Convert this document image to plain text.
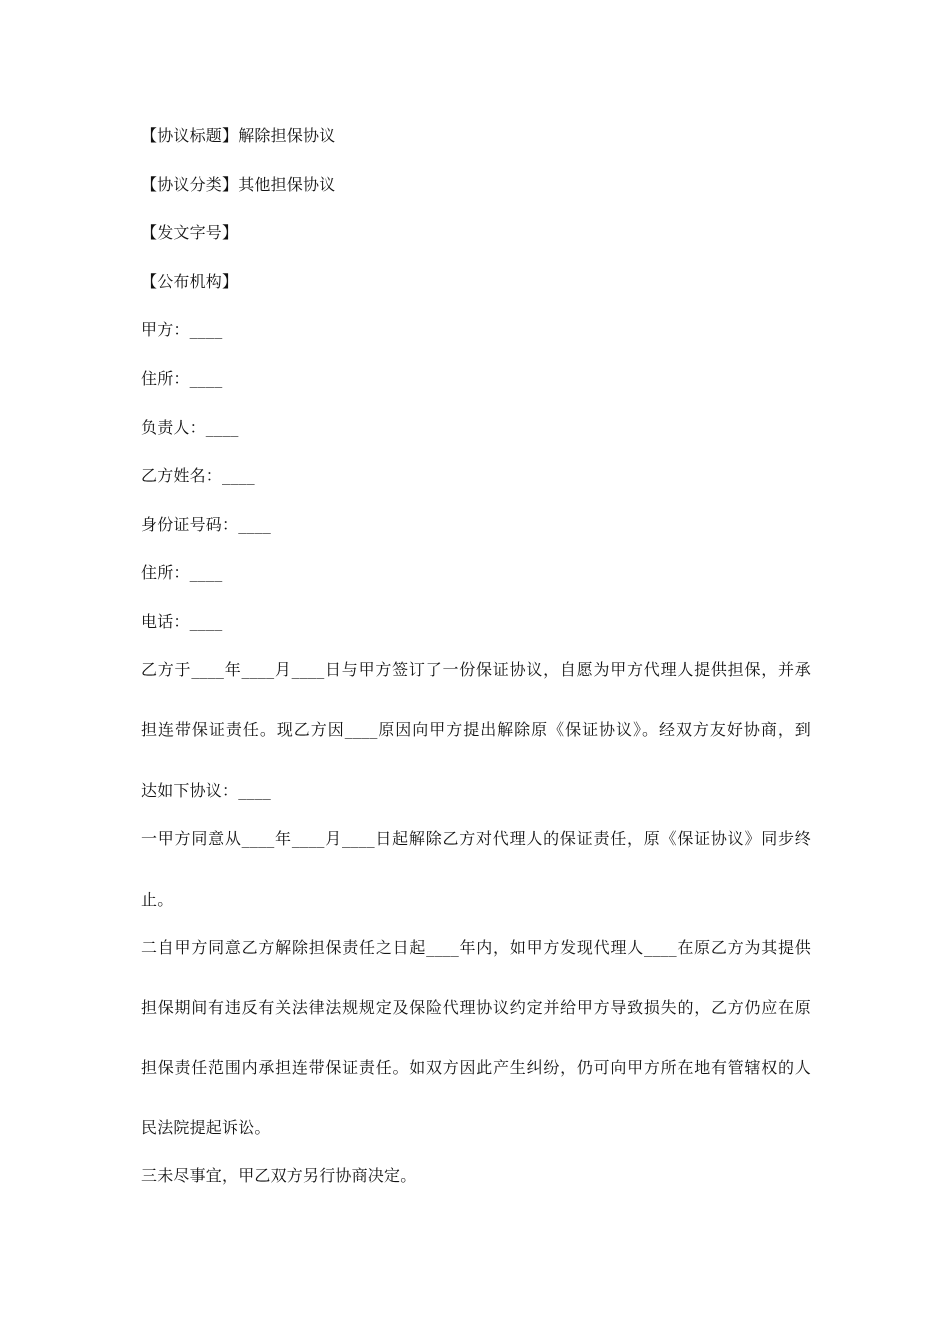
【协议标题】解除担保协议
【协议分类】其他担保协议
【发文字号】
【公布机构】
甲方：____
住所：____
负责人：____
乙方姓名：____
身份证号码：____
住所：____
电话：____
乙方于____年____月____日与甲方签订了一份保证协议，自愿为甲方代理人提供担保，并承
担连带保证责任。现乙方因____原因向甲方提出解除原《保证协议》。经双方友好协商，到
达如下协议：____
一甲方同意从____年____月____日起解除乙方对代理人的保证责任，原《保证协议》同步终
止。
二自甲方同意乙方解除担保责任之日起____年内，如甲方发现代理人____在原乙方为其提供
担保期间有违反有关法律法规规定及保险代理协议约定并给甲方导致损失的，乙方仍应在原
担保责任范围内承担连带保证责任。如双方因此产生纠纷，仍可向甲方所在地有管辖权的人
民法院提起诉讼。
三未尽事宜，甲乙双方另行协商决定。
